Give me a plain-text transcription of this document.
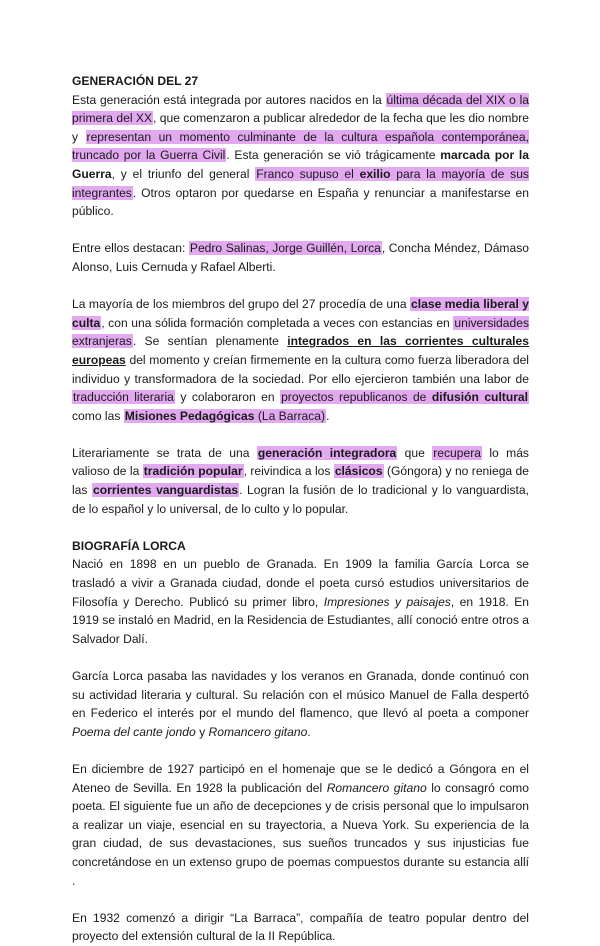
GENERACIÓN DEL 27

Esta generación está integrada por autores nacidos en la última década del XIX o la primera del XX, que comenzaron a publicar alrededor de la fecha que les dio nombre y representan un momento culminante de la cultura española contemporánea, truncado por la Guerra Civil. Esta generación se vió trágicamente marcada por la Guerra, y el triunfo del general Franco supuso el exilio para la mayoría de sus integrantes. Otros optaron por quedarse en España y renunciar a manifestarse en público.

Entre ellos destacan: Pedro Salinas, Jorge Guillén, Lorca, Concha Méndez, Dámaso Alonso, Luis Cernuda y Rafael Alberti.

La mayoría de los miembros del grupo del 27 procedía de una clase media liberal y culta, con una sólida formación completada a veces con estancias en universidades extranjeras. Se sentían plenamente integrados en las corrientes culturales europeas del momento y creían firmemente en la cultura como fuerza liberadora del individuo y transformadora de la sociedad. Por ello ejercieron también una labor de traducción literaria y colaboraron en proyectos republicanos de difusión cultural como las Misiones Pedagógicas (La Barraca).

Literariamente se trata de una generación integradora que recupera lo más valioso de la tradición popular, reivindica a los clásicos (Góngora) y no reniega de las corrientes vanguardistas. Logran la fusión de lo tradicional y lo vanguardista, de lo español y lo universal, de lo culto y lo popular.

BIOGRAFÍA LORCA

Nació en 1898 en un pueblo de Granada. En 1909 la familia García Lorca se trasladó a vivir a Granada ciudad, donde el poeta cursó estudios universitarios de Filosofía y Derecho. Publicó su primer libro, Impresiones y paisajes, en 1918. En 1919 se instaló en Madrid, en la Residencia de Estudiantes, allí conoció entre otros a Salvador Dalí.

García Lorca pasaba las navidades y los veranos en Granada, donde continuó con su actividad literaria y cultural. Su relación con el músico Manuel de Falla despertó en Federico el interés por el mundo del flamenco, que llevó al poeta a componer Poema del cante jondo y Romancero gitano.

En diciembre de 1927 participó en el homenaje que se le dedicó a Góngora en el Ateneo de Sevilla. En 1928 la publicación del Romancero gitano lo consagró como poeta. El siguiente fue un año de decepciones y de crisis personal que lo impulsaron a realizar un viaje, esencial en su trayectoria, a Nueva York. Su experiencia de la gran ciudad, de sus devastaciones, sus sueños truncados y sus injusticias fue concretándose en un extenso grupo de poemas compuestos durante su estancia allí .

En 1932 comenzó a dirigir “La Barraca”, compañía de teatro popular dentro del proyecto del extensión cultural de la II República.
